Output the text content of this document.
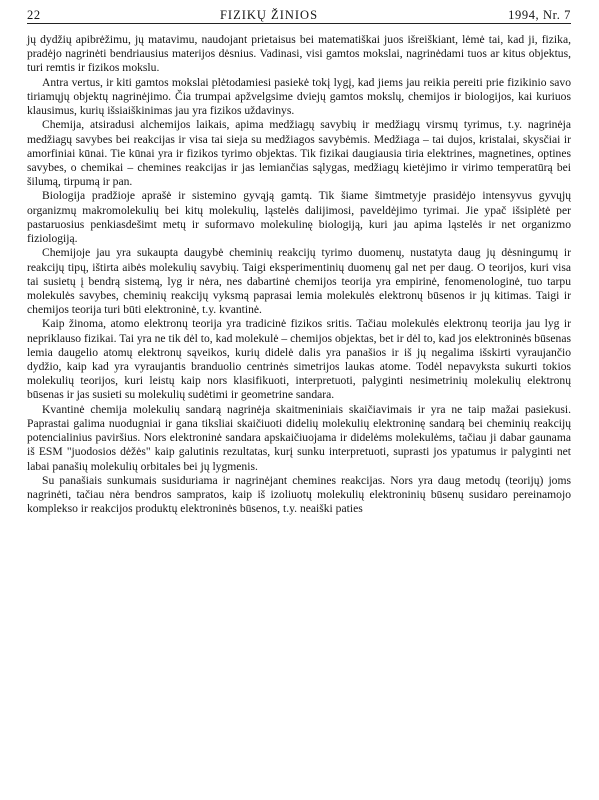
22	FIZIKŲ ŽINIOS	1994, Nr. 7

jų dydžių apibrėžimu, jų matavimu, naudojant prietaisus bei matematiškai juos išreiškiant, lėmė tai, kad ji, fizika, pradėjo nagrinėti bendriausius materijos dėsnius. Vadinasi, visi gamtos mokslai, nagrinėdami tuos ar kitus objektus, turi remtis ir fizikos mokslu.

Antra vertus, ir kiti gamtos mokslai plėtodamiesi pasiekė tokį lygį, kad jiems jau reikia pereiti prie fizikinio savo tiriamųjų objektų nagrinėjimo. Čia trumpai apžvelgsime dviejų gamtos mokslų, chemijos ir biologijos, kai kuriuos klausimus, kurių išsiaiškinimas jau yra fizikos uždavinys.

Chemija, atsiradusi alchemijos laikais, apima medžiagų savybių ir medžiagų virsmų tyrimus, t.y. nagrinėja medžiagų savybes bei reakcijas ir visa tai sieja su medžiagos savybėmis. Medžiaga – tai dujos, kristalai, skysčiai ir amorfiniai kūnai. Tie kūnai yra ir fizikos tyrimo objektas. Tik fizikai daugiausia tiria elektrines, magnetines, optines savybes, o chemikai – chemines reakcijas ir jas lemiančias sąlygas, medžiagų kietėjimo ir virimo temperatūrą bei šilumą, tirpumą ir pan.

Biologija pradžioje aprašė ir sistemino gyvąją gamtą. Tik šiame šimtmetyje prasidėjo intensyvus gyvųjų organizmų makromolekulių bei kitų molekulių, ląstelės dalijimosi, paveldėjimo tyrimai. Jie ypač išsiplėtė per pastaruosius penkiasdešimt metų ir suformavo molekulinę biologiją, kuri jau apima ląstelės ir net organizmo fiziologiją.

Chemijoje jau yra sukaupta daugybė cheminių reakcijų tyrimo duomenų, nustatyta daug jų dėsningumų ir reakcijų tipų, ištirta aibės molekulių savybių. Taigi eksperimentinių duomenų gal net per daug. O teorijos, kuri visa tai susietų į bendrą sistemą, lyg ir nėra, nes dabartinė chemijos teorija yra empirinė, fenomenologinė, tuo tarpu molekulės savybes, cheminių reakcijų vyksmą paprasai lemia molekulės elektronų būsenos ir jų kitimas. Taigi ir chemijos teorija turi būti elektroninė, t.y. kvantinė.

Kaip žinoma, atomo elektronų teorija yra tradicinė fizikos sritis. Tačiau molekulės elektronų teorija jau lyg ir nepriklauso fizikai. Tai yra ne tik dėl to, kad molekulė – chemijos objektas, bet ir dėl to, kad jos elektroninės būsenas lemia daugelio atomų elektronų sąveikos, kurių didelė dalis yra panašios ir iš jų negalima išskirti vyraujančio dydžio, kaip kad yra vyraujantis branduolio centrinės simetrijos laukas atome. Todėl nepavyksta sukurti tokios molekulių teorijos, kuri leistų kaip nors klasifikuoti, interpretuoti, palyginti nesimetrinių molekulių elektronų būsenas ir jas susieti su molekulių sudėtimi ir geometrine sandara.

Kvantinė chemija molekulių sandarą nagrinėja skaitmeniniais skaičiavimais ir yra ne taip mažai pasiekusi. Paprastai galima nuodugniai ir gana tiksliai skaičiuoti didelių molekulių elektroninę sandarą bei cheminių reakcijų potencialinius paviršius. Nors elektroninė sandara apskaičiuojama ir didelėms molekulėms, tačiau ji dabar gaunama iš ESM "juodosios dėžės" kaip galutinis rezultatas, kurį sunku interpretuoti, suprasti jos ypatumus ir palyginti net labai panašių molekulių orbitales bei jų lygmenis.

Su panašiais sunkumais susiduriama ir nagrinėjant chemines reakcijas. Nors yra daug metodų (teorijų) joms nagrinėti, tačiau nėra bendros sampratos, kaip iš izoliuotų molekulių elektroninių būsenų susidaro pereinamojo komplekso ir reakcijos produktų elektroninės būsenos, t.y. neaiški paties
